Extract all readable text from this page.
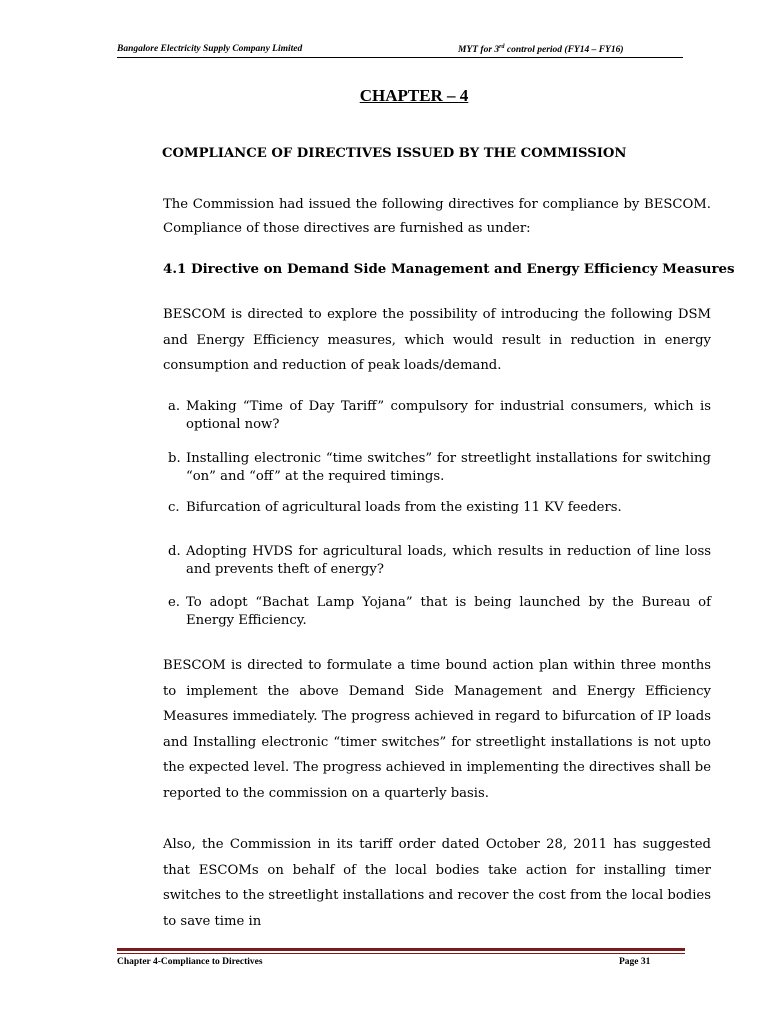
Bangalore Electricity Supply Company Limited	MYT for 3rd control period (FY14 – FY16)
CHAPTER – 4
COMPLIANCE OF DIRECTIVES ISSUED BY THE COMMISSION
The Commission had issued the following directives for compliance by BESCOM. Compliance of those directives are furnished as under:
4.1 Directive on Demand Side Management and Energy Efficiency Measures
BESCOM is directed to explore the possibility of introducing the following DSM and Energy Efficiency measures, which would result in reduction in energy consumption and reduction of peak loads/demand.
a. Making “Time of Day Tariff” compulsory for industrial consumers, which is optional now?
b. Installing electronic “time switches” for streetlight installations for switching “on” and “off” at the required timings.
c. Bifurcation of agricultural loads from the existing 11 KV feeders.
d. Adopting HVDS for agricultural loads, which results in reduction of line loss and prevents theft of energy?
e. To adopt “Bachat Lamp Yojana” that is being launched by the Bureau of Energy Efficiency.
BESCOM is directed to formulate a time bound action plan within three months to implement the above Demand Side Management and Energy Efficiency Measures immediately. The progress achieved in regard to bifurcation of IP loads and Installing electronic “timer switches” for streetlight installations is not upto the expected level. The progress achieved in implementing the directives shall be reported to the commission on a quarterly basis.
Also, the Commission in its tariff order dated October 28, 2011 has suggested that ESCOMs on behalf of the local bodies take action for installing timer switches to the streetlight installations and recover the cost from the local bodies to save time in
Chapter 4-Compliance to Directives	Page 31
